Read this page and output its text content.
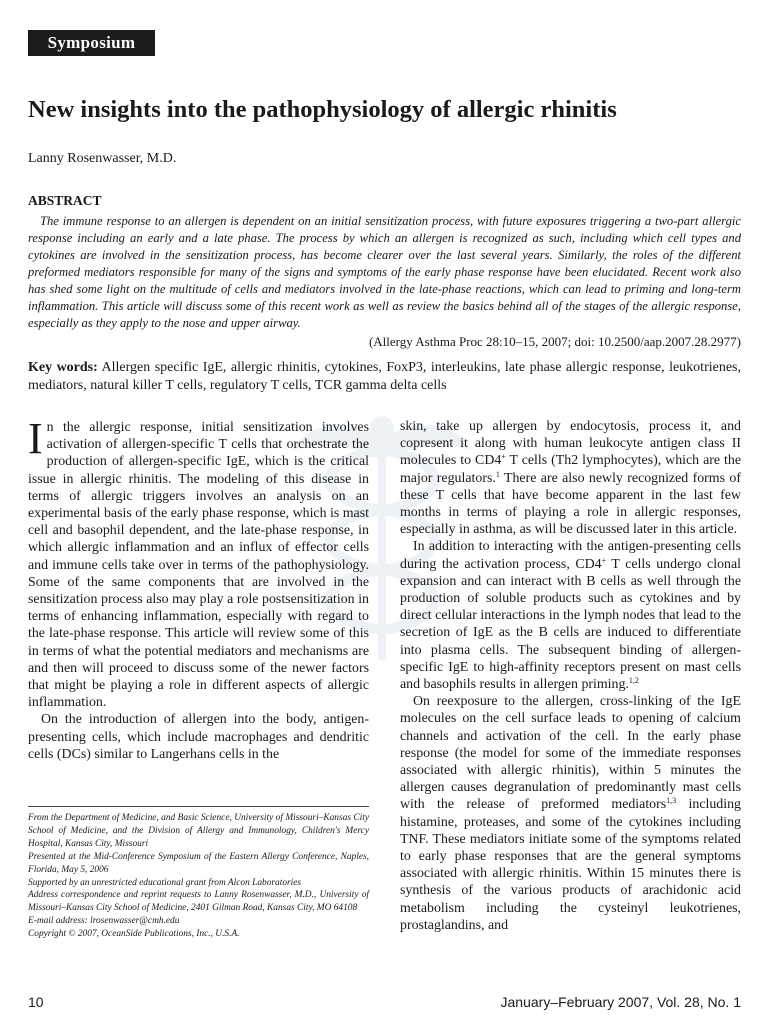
Symposium
New insights into the pathophysiology of allergic rhinitis
Lanny Rosenwasser, M.D.
ABSTRACT

The immune response to an allergen is dependent on an initial sensitization process, with future exposures triggering a two-part allergic response including an early and a late phase. The process by which an allergen is recognized as such, including which cell types and cytokines are involved in the sensitization process, has become clearer over the last several years. Similarly, the roles of the different preformed mediators responsible for many of the signs and symptoms of the early phase response have been elucidated. Recent work also has shed some light on the multitude of cells and mediators involved in the late-phase reactions, which can lead to priming and long-term inflammation. This article will discuss some of this recent work as well as review the basics behind all of the stages of the allergic response, especially as they apply to the nose and upper airway.

(Allergy Asthma Proc 28:10–15, 2007; doi: 10.2500/aap.2007.28.2977)

Key words: Allergen specific IgE, allergic rhinitis, cytokines, FoxP3, interleukins, late phase allergic response, leukotrienes, mediators, natural killer T cells, regulatory T cells, TCR gamma delta cells

In the allergic response, initial sensitization involves activation of allergen-specific T cells that orchestrate the production of allergen-specific IgE, which is the critical issue in allergic rhinitis. The modeling of this disease in terms of allergic triggers involves an analysis on an experimental basis of the early phase response, which is mast cell and basophil dependent, and the late-phase response, in which allergic inflammation and an influx of effector cells and immune cells take over in terms of the pathophysiology. Some of the same components that are involved in the sensitization process also may play a role postsensitization in terms of enhancing inflammation, especially with regard to the late-phase response. This article will review some of this in terms of what the potential mediators and mechanisms are and then will proceed to discuss some of the newer factors that might be playing a role in different aspects of allergic inflammation.

On the introduction of allergen into the body, antigen-presenting cells, which include macrophages and dendritic cells (DCs) similar to Langerhans cells in the

skin, take up allergen by endocytosis, process it, and copresent it along with human leukocyte antigen class II molecules to CD4+ T cells (Th2 lymphocytes), which are the major regulators.$^1$ There are also newly recognized forms of these T cells that have become apparent in the last few months in terms of playing a role in allergic responses, especially in asthma, as will be discussed later in this article.

In addition to interacting with the antigen-presenting cells during the activation process, CD4+ T cells undergo clonal expansion and can interact with B cells as well through the production of soluble products such as cytokines and by direct cellular interactions in the lymph nodes that lead to the secretion of IgE as the B cells are induced to differentiate into plasma cells. The subsequent binding of allergen-specific IgE to high-affinity receptors present on mast cells and basophils results in allergen priming.$^{1,2}$

On reexposure to the allergen, cross-linking of the IgE molecules on the cell surface leads to opening of calcium channels and activation of the cell. In the early phase response (the model for some of the immediate responses associated with allergic rhinitis), within 5 minutes the allergen causes degranulation of predominantly mast cells with the release of preformed mediators$^{1,3}$ including histamine, proteases, and some of the cytokines including TNF. These mediators initiate some of the symptoms related to early phase responses that are the general symptoms associated with allergic rhinitis. Within 15 minutes there is synthesis of the various products of arachidonic acid metabolism including the cysteinyl leukotrienes, prostaglandins, and

From the Department of Medicine, and Basic Science, University of Missouri–Kansas City School of Medicine, and the Division of Allergy and Immunology, Children's Mercy Hospital, Kansas City, Missouri
Presented at the Mid-Conference Symposium of the Eastern Allergy Conference, Naples, Florida, May 5, 2006
Supported by an unrestricted educational grant from Alcon Laboratories
Address correspondence and reprint requests to Lanny Rosenwasser, M.D., University of Missouri–Kansas City School of Medicine, 2401 Gilman Road, Kansas City, MO 64108
E-mail address: lrosenwasser@cmh.edu
Copyright © 2007, OceanSide Publications, Inc., U.S.A.
10	January–February 2007, Vol. 28, No. 1
